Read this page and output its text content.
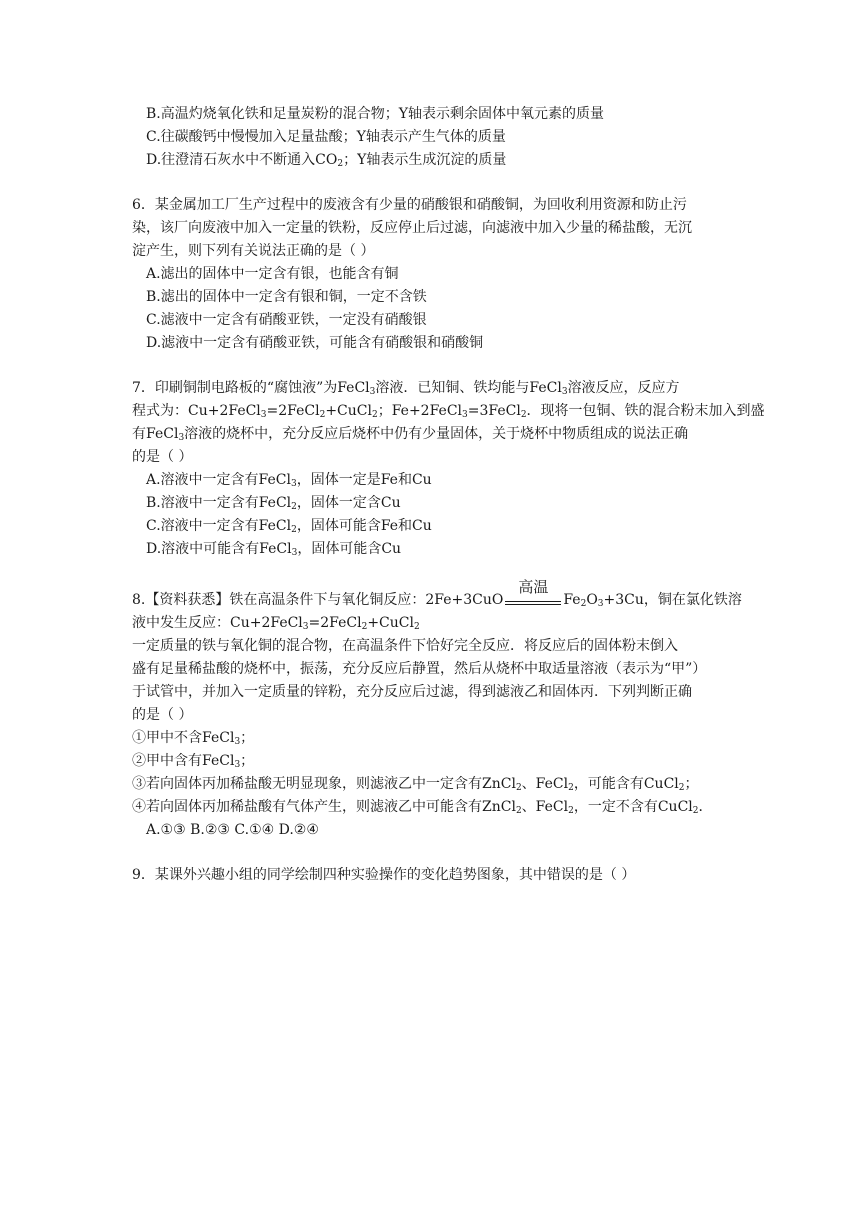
B.高温灼烧氧化铁和足量炭粉的混合物；Y轴表示剩余固体中氧元素的质量
C.往碳酸钙中慢慢加入足量盐酸；Y轴表示产生气体的质量
D.往澄清石灰水中不断通入$CO_2$；Y轴表示生成沉淀的质量
6．某金属加工厂生产过程中的废液含有少量的硝酸银和硝酸铜，为回收利用资源和防止污
染，该厂向废液中加入一定量的铁粉，反应停止后过滤，向滤液中加入少量的稀盐酸，无沉
淀产生，则下列有关说法正确的是（ ）
A.滤出的固体中一定含有银，也能含有铜
B.滤出的固体中一定含有银和铜，一定不含铁
C.滤液中一定含有硝酸亚铁，一定没有硝酸银
D.滤液中一定含有硝酸亚铁，可能含有硝酸银和硝酸铜
7．印刷铜制电路板的“腐蚀液”为FeCl$_3$溶液．已知铜、铁均能与FeCl$_3$溶液反应，反应方
程式为：Cu+2FeCl$_3$=2FeCl$_2$+CuCl$_2$；Fe+2FeCl$_3$=3FeCl$_2$．现将一包铜、铁的混合粉末加入到盛
有FeCl$_3$溶液的烧杯中，充分反应后烧杯中仍有少量固体，关于烧杯中物质组成的说法正确
的是（ ）
A.溶液中一定含有FeCl$_3$，固体一定是Fe和Cu
B.溶液中一定含有FeCl$_2$，固体一定含Cu
C.溶液中一定含有FeCl$_2$，固体可能含Fe和Cu
D.溶液中可能含有FeCl$_3$，固体可能含Cu
8.【资料获悉】铁在高温条件下与氧化铜反应：2Fe+3CuO
高温
$Fe_2O_3+3Cu$，铜在氯化铁溶
液中发生反应：Cu+2FeCl$_3$=2FeCl$_2$+CuCl$_2$
一定质量的铁与氧化铜的混合物，在高温条件下恰好完全反应．将反应后的固体粉末倒入
盛有足量稀盐酸的烧杯中，振荡，充分反应后静置，然后从烧杯中取适量溶液（表示为“甲”）
于试管中，并加入一定质量的锌粉，充分反应后过滤，得到滤液乙和固体丙．下列判断正确
的是（ ）
①甲中不含FeCl$_3$；
②甲中含有FeCl$_3$；
③若向固体丙加稀盐酸无明显现象，则滤液乙中一定含有ZnCl$_2$、FeCl$_2$，可能含有CuCl$_2$；
④若向固体丙加稀盐酸有气体产生，则滤液乙中可能含有ZnCl$_2$、FeCl$_2$，一定不含有CuCl$_2$．
A.①③ B.②③ C.①④ D.②④
9．某课外兴趣小组的同学绘制四种实验操作的变化趋势图象，其中错误的是（ ）
